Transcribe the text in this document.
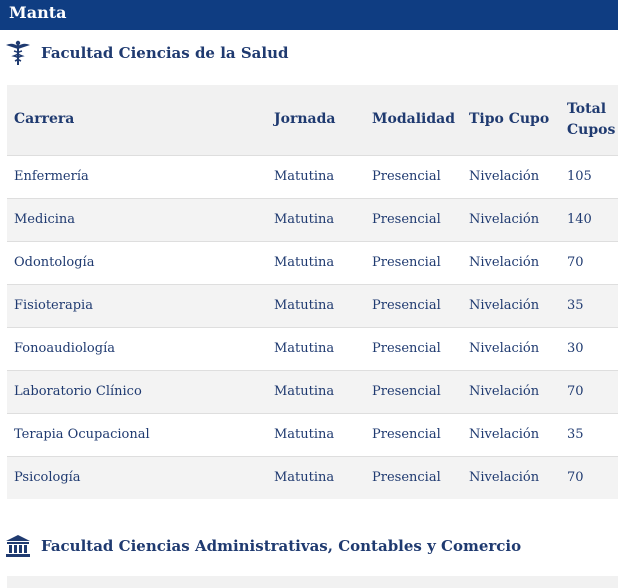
Manta
Facultad Ciencias de la Salud
Carrera	Jornada	Modalidad	Tipo Cupo	Total Cupos
Enfermería	Matutina	Presencial	Nivelación	105
Medicina	Matutina	Presencial	Nivelación	140
Odontología	Matutina	Presencial	Nivelación	70
Fisioterapia	Matutina	Presencial	Nivelación	35
Fonoaudiología	Matutina	Presencial	Nivelación	30
Laboratorio Clínico	Matutina	Presencial	Nivelación	70
Terapia Ocupacional	Matutina	Presencial	Nivelación	35
Psicología	Matutina	Presencial	Nivelación	70
Facultad Ciencias Administrativas, Contables y Comercio
